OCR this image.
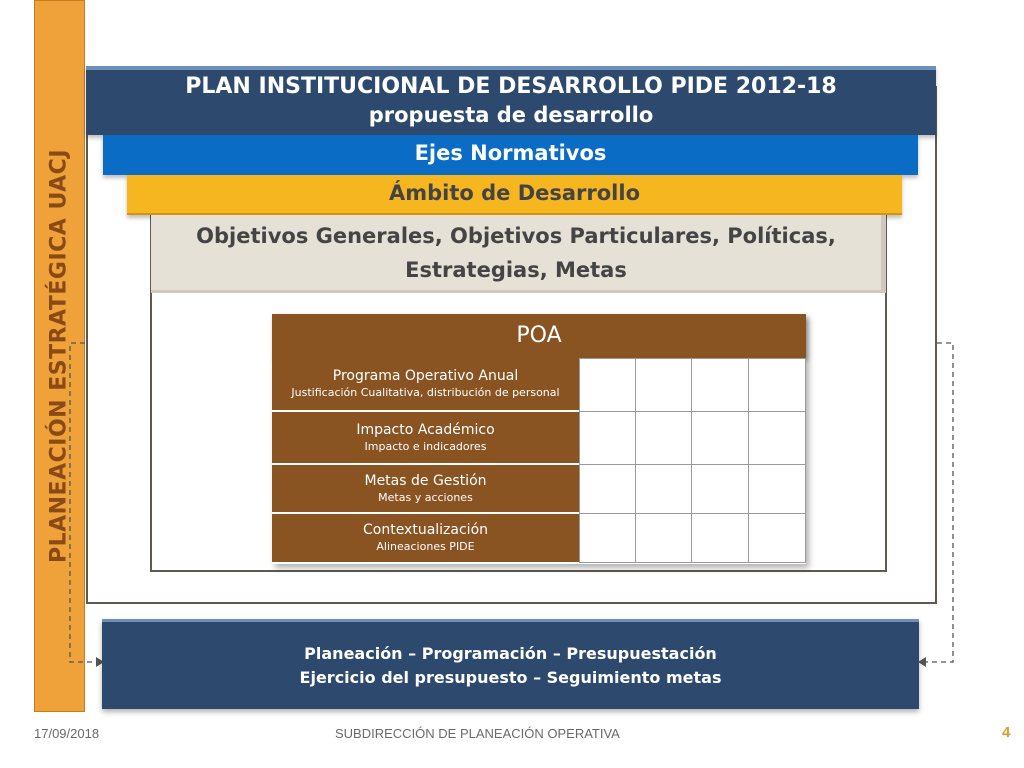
PLANEACIÓN ESTRATÉGICA UACJ
PLAN INSTITUCIONAL DE DESARROLLO PIDE 2012-18
propuesta de desarrollo
Ejes Normativos
Ámbito de Desarrollo
Objetivos Generales, Objetivos Particulares, Políticas,
Estrategias, Metas
POA
Programa Operativo Anual
Justificación Cualitativa, distribución de personal
Impacto Académico
Impacto e indicadores
Metas de Gestión
Metas y acciones
Contextualización
Alineaciones PIDE
Planeación – Programación – Presupuestación
Ejercicio del presupuesto – Seguimiento metas
17/09/2018	SUBDIRECCIÓN DE PLANEACIÓN OPERATIVA	4
